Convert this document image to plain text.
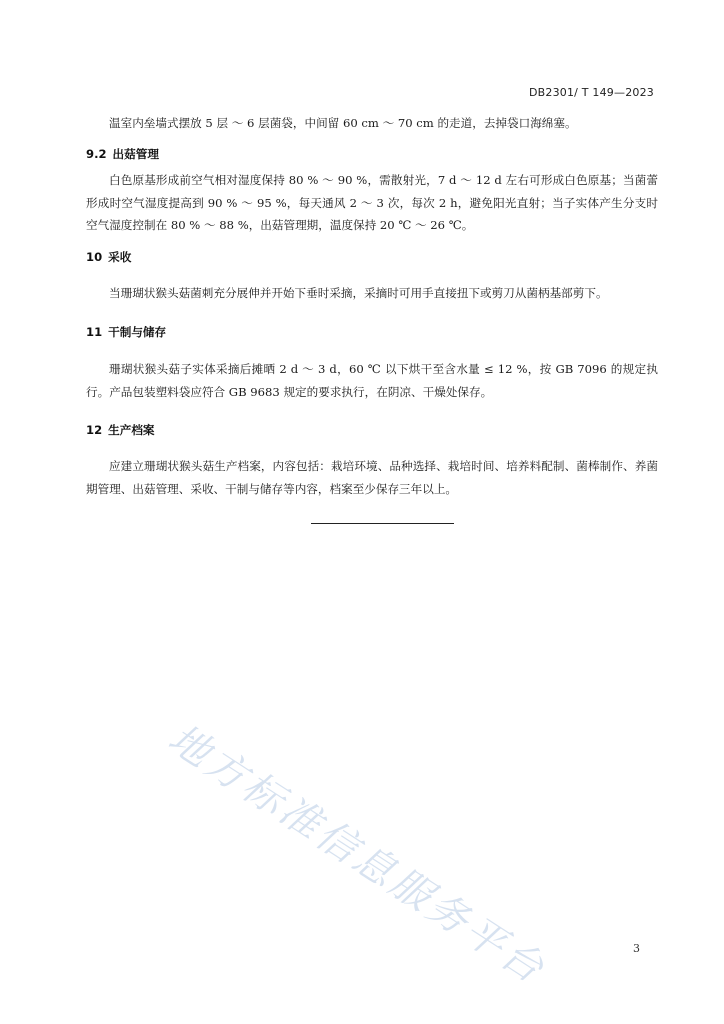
DB2301/ T 149—2023

温室内垒墙式摆放 5 层 ～ 6 层菌袋，中间留 60 cm ～ 70 cm 的走道，去掉袋口海绵塞。

9.2 出菇管理

白色原基形成前空气相对湿度保持 80 % ～ 90 %，需散射光，7 d ～ 12 d 左右可形成白色原基；当菌蕾形成时空气湿度提高到 90 % ～ 95 %，每天通风 2 ～ 3 次，每次 2 h，避免阳光直射；当子实体产生分支时空气湿度控制在 80 % ～ 88 %，出菇管理期，温度保持 20 ℃ ～ 26 ℃。

10 采收

当珊瑚状猴头菇菌刺充分展伸并开始下垂时采摘，采摘时可用手直接扭下或剪刀从菌柄基部剪下。

11 干制与储存

珊瑚状猴头菇子实体采摘后摊晒 2 d ～ 3 d，60 ℃ 以下烘干至含水量 ≤ 12 %，按 GB 7096 的规定执行。产品包装塑料袋应符合 GB 9683 规定的要求执行，在阴凉、干燥处保存。

12 生产档案

应建立珊瑚状猴头菇生产档案，内容包括：栽培环境、品种选择、栽培时间、培养料配制、菌棒制作、养菌期管理、出菇管理、采收、干制与储存等内容，档案至少保存三年以上。

地方标准信息服务平台	3
